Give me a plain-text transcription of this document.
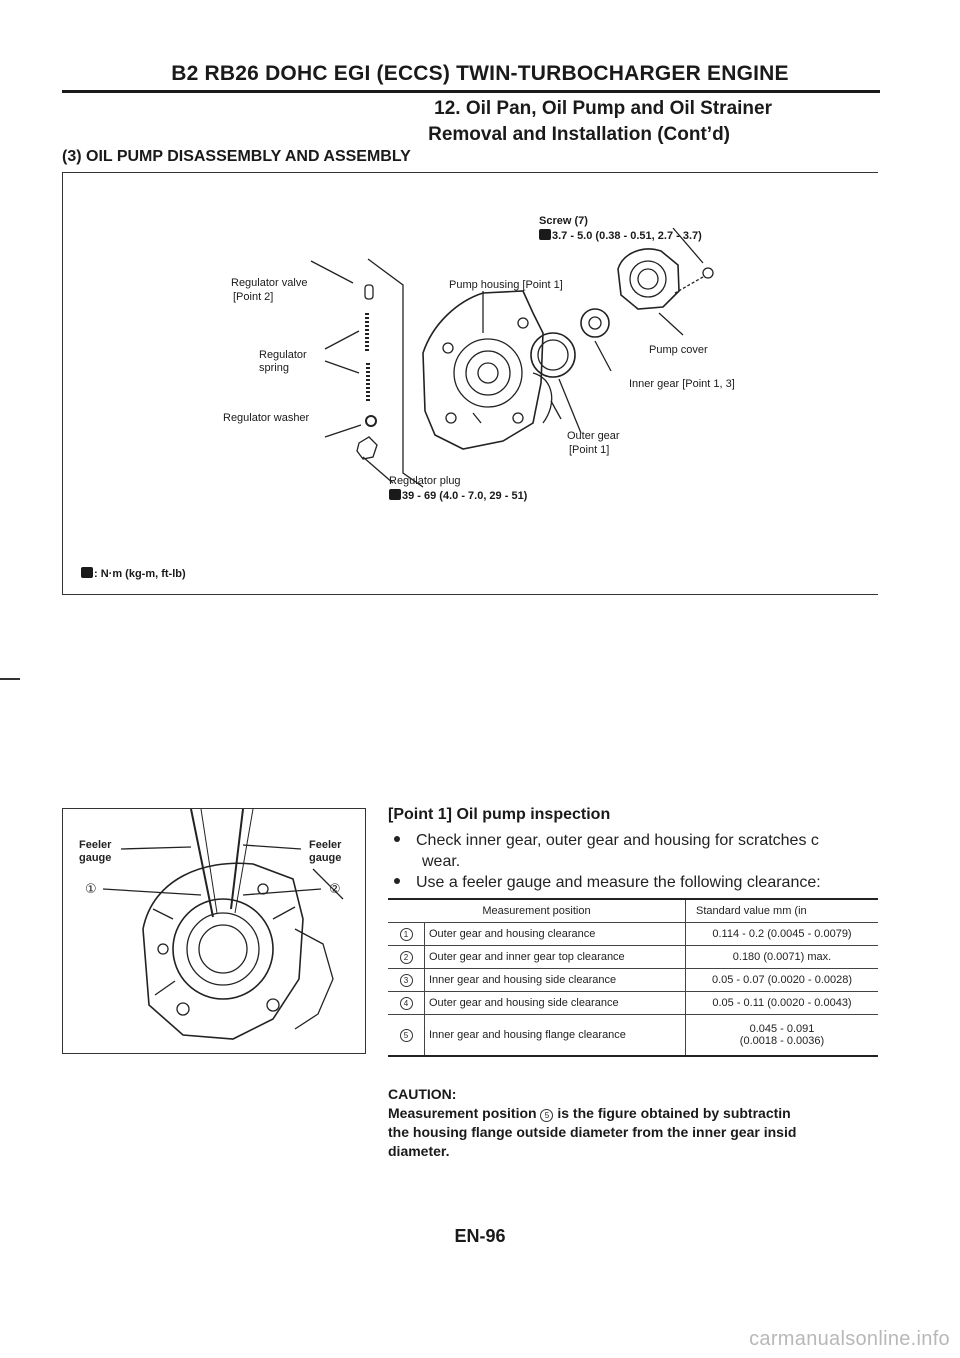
B2 RB26 DOHC EGI (ECCS) TWIN-TURBOCHARGER ENGINE
12. Oil Pan, Oil Pump and Oil Strainer
Removal and Installation (Cont’d)
(3) OIL PUMP DISASSEMBLY AND ASSEMBLY
Screw (7)
3.7 - 5.0 (0.38 - 0.51, 2.7 - 3.7)
Pump housing [Point 1]
Regulator valve
[Point 2]
Regulator
spring
Pump cover
Inner gear [Point 1, 3]
Regulator washer
Outer gear
[Point 1]
Regulator plug
39 - 69 (4.0 - 7.0, 29 - 51)
: N·m (kg-m, ft-lb)
Feeler
gauge
Feeler
gauge
①	②
[Point 1] Oil pump inspection
Check inner gear, outer gear and housing for scratches c
wear.
Use a feeler gauge and measure the following clearance:
Measurement position		Standard value mm (in
1	Outer gear and housing clearance	0.114 - 0.2 (0.0045 - 0.0079)
2	Outer gear and inner gear top clearance	0.180 (0.0071) max.
3	Inner gear and housing side clearance	0.05 - 0.07 (0.0020 - 0.0028)
4	Outer gear and housing side clearance	0.05 - 0.11 (0.0020 - 0.0043)
5	Inner gear and housing flange clearance	0.045 - 0.091
(0.0018 - 0.0036)
CAUTION:
Measurement position 5 is the figure obtained by subtractin
the housing flange outside diameter from the inner gear insid
diameter.
EN-96
carmanualsonline.info
